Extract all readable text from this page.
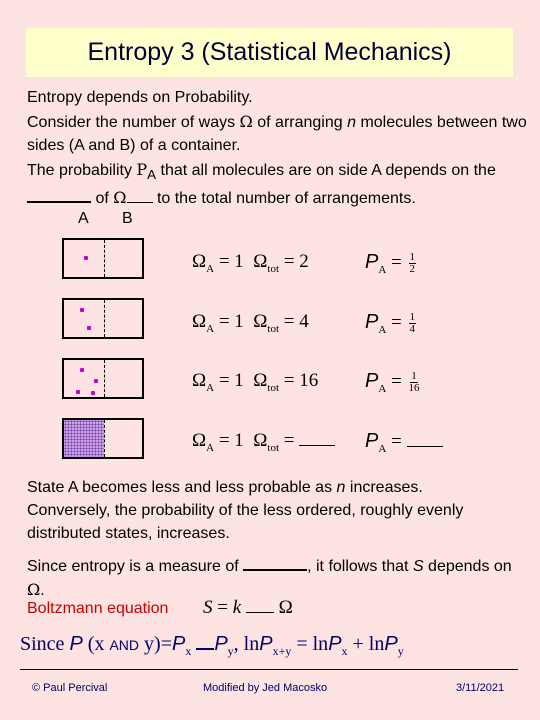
Entropy 3 (Statistical Mechanics)

Entropy depends on Probability.

Consider the number of ways Ω of arranging n molecules between two sides (A and B) of a container.

The probability $P_A$ that all molecules are on side A depends on the  of Ω to the total number of arrangements.

A B
$\Omega_A = 1$ $\Omega_{tot} = 2$	$P_A = \frac{1}{2}$
$\Omega_A = 1$ $\Omega_{tot} = 4$	$P_A = \frac{1}{4}$
$\Omega_A = 1$ $\Omega_{tot} = 16$ $P_A = \frac{1}{16}$
$\Omega_A = 1$ $\Omega_{tot}$ =	$P_A$ =

State A becomes less and less probable as n increases.

Conversely, the probability of the less ordered, roughly evenly distributed states, increases.

Since entropy is a measure of	, it follows that S depends on Ω.

Boltzmann equation S = k Ω
Since P (x AND $y)=P_x$ $P_y$, lnP$_{x+y}$ = lnP$_x$ + lnP$_y$
© Paul Percival	Modified by Jed Macosko	3/11/2021
